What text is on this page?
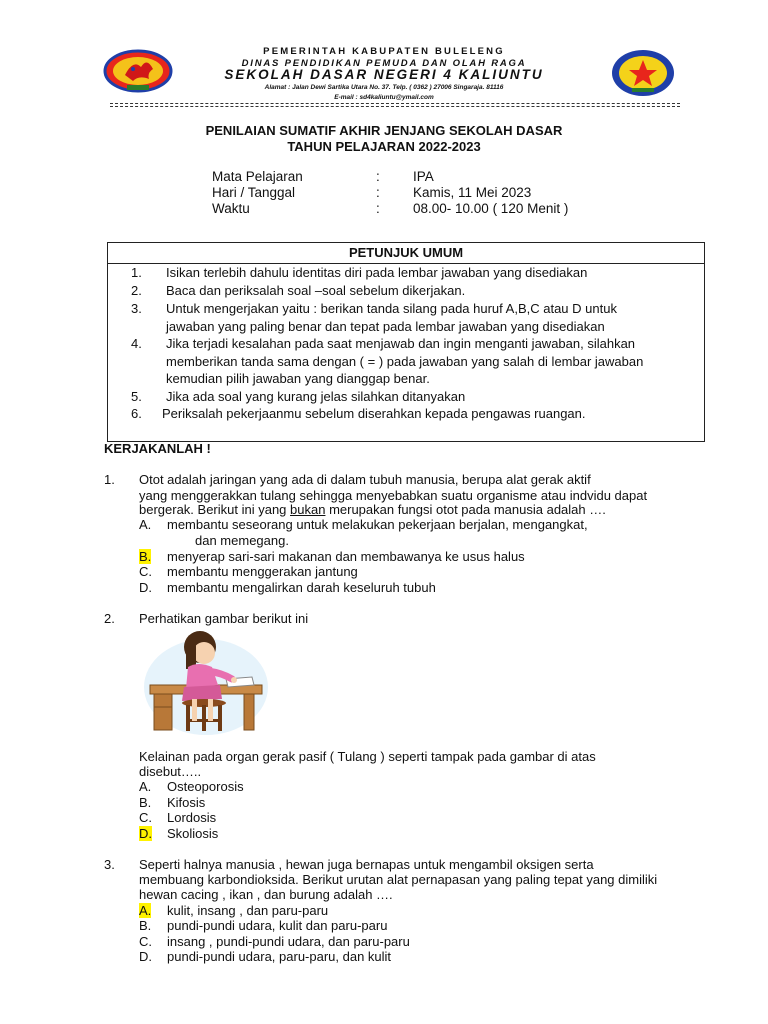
PEMERINTAH KABUPATEN BULELENG
DINAS PENDIDIKAN PEMUDA DAN OLAH RAGA
SEKOLAH DASAR NEGERI 4 KALIUNTU
Alamat : Jalan Dewi Sartika Utara No. 37. Telp. ( 0362 ) 27006 Singaraja. 81116
E-mail : sd4kaliuntu@ymail.com
PENILAIAN SUMATIF AKHIR JENJANG SEKOLAH DASAR
TAHUN PELAJARAN 2022-2023
Mata Pelajaran	: IPA
Hari / Tanggal	: Kamis, 11 Mei 2023
Waktu	: 08.00- 10.00 ( 120 Menit )
PETUNJUK UMUM
1. Isikan terlebih dahulu identitas diri pada lembar jawaban yang disediakan
2. Baca dan periksalah soal –soal sebelum dikerjakan.
3. Untuk mengerjakan yaitu : berikan tanda silang pada huruf A,B,C atau D untuk
jawaban yang paling benar dan tepat pada lembar jawaban yang disediakan
4. Jika terjadi kesalahan pada saat menjawab dan ingin menganti jawaban, silahkan
memberikan tanda sama dengan ( = ) pada jawaban yang salah di lembar jawaban
kemudian pilih jawaban yang dianggap benar.
5. Jika ada soal yang kurang jelas silahkan ditanyakan
6. Periksalah pekerjaanmu sebelum diserahkan kepada pengawas ruangan.
KERJAKANLAH !
1. Otot adalah jaringan yang ada di dalam tubuh manusia, berupa alat gerak aktif
yang menggerakkan tulang sehingga menyebabkan suatu organisme atau indvidu dapat
bergerak. Berikut ini yang bukan merupakan fungsi otot pada manusia adalah ….
A. membantu seseorang untuk melakukan pekerjaan berjalan, mengangkat,
dan memegang.
B. menyerap sari-sari makanan dan membawanya ke usus halus
C. membantu menggerakan jantung
D. membantu mengalirkan darah keseluruh tubuh
2. Perhatikan gambar berikut ini
Kelainan pada organ gerak pasif ( Tulang ) seperti tampak pada gambar di atas
disebut…..
A. Osteoporosis
B. Kifosis
C. Lordosis
D. Skoliosis
3. Seperti halnya manusia , hewan juga bernapas untuk mengambil oksigen serta
membuang karbondioksida. Berikut urutan alat pernapasan yang paling tepat yang dimiliki
hewan cacing , ikan , dan burung adalah ….
A. kulit, insang , dan paru-paru
B. pundi-pundi udara, kulit dan paru-paru
C. insang , pundi-pundi udara, dan paru-paru
D. pundi-pundi udara, paru-paru, dan kulit
